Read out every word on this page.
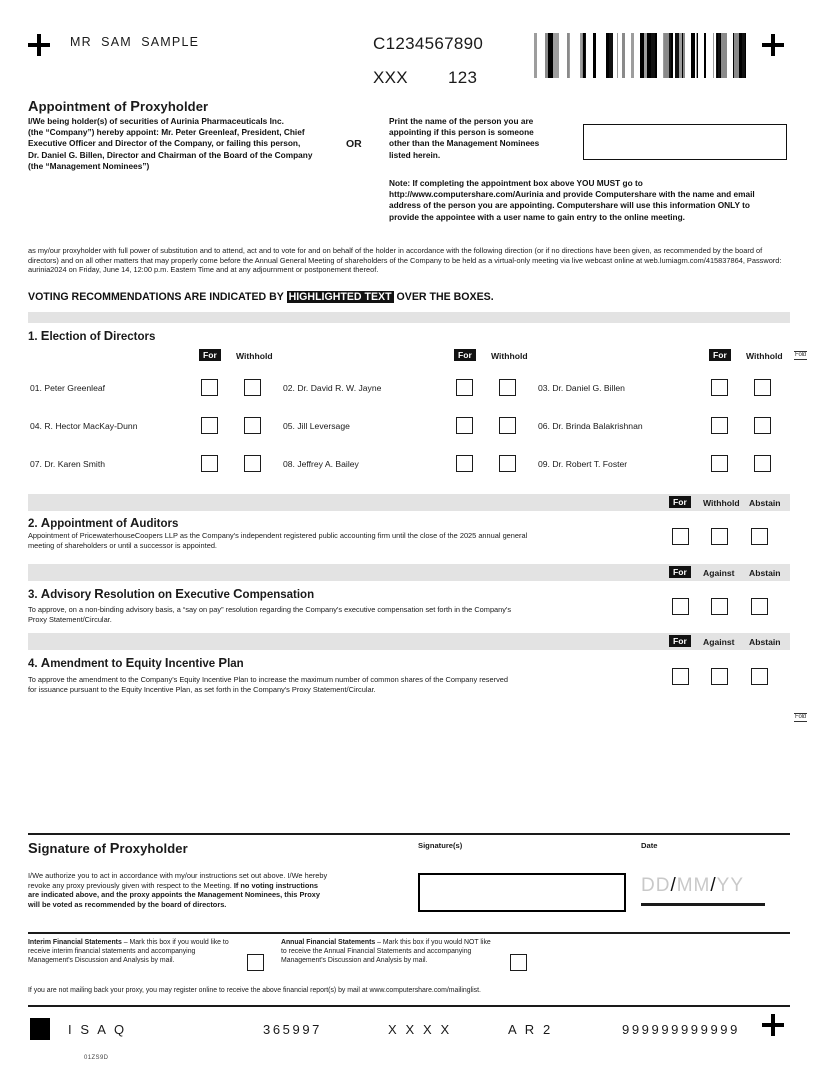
MR  SAM  SAMPLE	C1234567890
XXX 123
Appointment of Proxyholder
I/We being holder(s) of securities of Aurinia Pharmaceuticals Inc.
(the “Company”) hereby appoint: Mr. Peter Greenleaf, President, Chief
Executive Officer and Director of the Company, or failing this person,
Dr. Daniel G. Billen, Director and Chairman of the Board of the Company
(the “Management Nominees”)
OR
Print the name of the person you are appointing if this person is someone other than the Management Nominees listed herein.
Note: If completing the appointment box above YOU MUST go to http://www.computershare.com/Aurinia and provide Computershare with the name and email address of the person you are appointing. Computershare will use this information ONLY to provide the appointee with a user name to gain entry to the online meeting.
as my/our proxyholder with full power of substitution and to attend, act and to vote for and on behalf of the holder in accordance with the following direction (or if no directions have been given, as recommended by the board of directors) and on all other matters that may properly come before the Annual General Meeting of shareholders of the Company to be held as a virtual-only meeting via live webcast online at web.lumiagm.com/415837864, Password: aurinia2024 on Friday, June 14, 12:00 p.m. Eastern Time and at any adjournment or postponement thereof.
VOTING RECOMMENDATIONS ARE INDICATED BY HIGHLIGHTED TEXT OVER THE BOXES.
1. Election of Directors
For	Withhold	For	Withhold	For	Withhold Fold
01. Peter Greenleaf	02. Dr. David R. W. Jayne	03. Dr. Daniel G. Billen
04. R. Hector MacKay-Dunn	05. Jill Leversage	06. Dr. Brinda Balakrishnan
07. Dr. Karen Smith	08. Jeffrey A. Bailey	09. Dr. Robert T. Foster
For	Withhold Abstain
2. Appointment of Auditors
Appointment of PricewaterhouseCoopers LLP as the Company's independent registered public accounting firm until the close of the 2025 annual general
meeting of shareholders or until a successor is appointed.
For	Against Abstain
3. Advisory Resolution on Executive Compensation
To approve, on a non-binding advisory basis, a “say on pay” resolution regarding the Company's executive compensation set forth in the Company's
Proxy Statement/Circular.
For	Against Abstain
4. Amendment to Equity Incentive Plan
To approve the amendment to the Company's Equity Incentive Plan to increase the maximum number of common shares of the Company reserved
for issuance pursuant to the Equity Incentive Plan, as set forth in the Company's Proxy Statement/Circular.
Fold
Signature of Proxyholder	Signature(s)	Date
I/We authorize you to act in accordance with my/our instructions set out above. I/We hereby
revoke any proxy previously given with respect to the Meeting. If no voting instructions
are indicated above, and the proxy appoints the Management Nominees, this Proxy
will be voted as recommended by the board of directors.
DD/MM/YY
Interim Financial Statements – Mark this box if you would like to receive interim financial statements and accompanying Management's Discussion and Analysis by mail.
Annual Financial Statements – Mark this box if you would NOT like to receive the Annual Financial Statements and accompanying Management's Discussion and Analysis by mail.
If you are not mailing back your proxy, you may register online to receive the above financial report(s) by mail at www.computershare.com/mailinglist.
I S A Q	365997	X X X X	A R 2	999999999999
01ZS9D
